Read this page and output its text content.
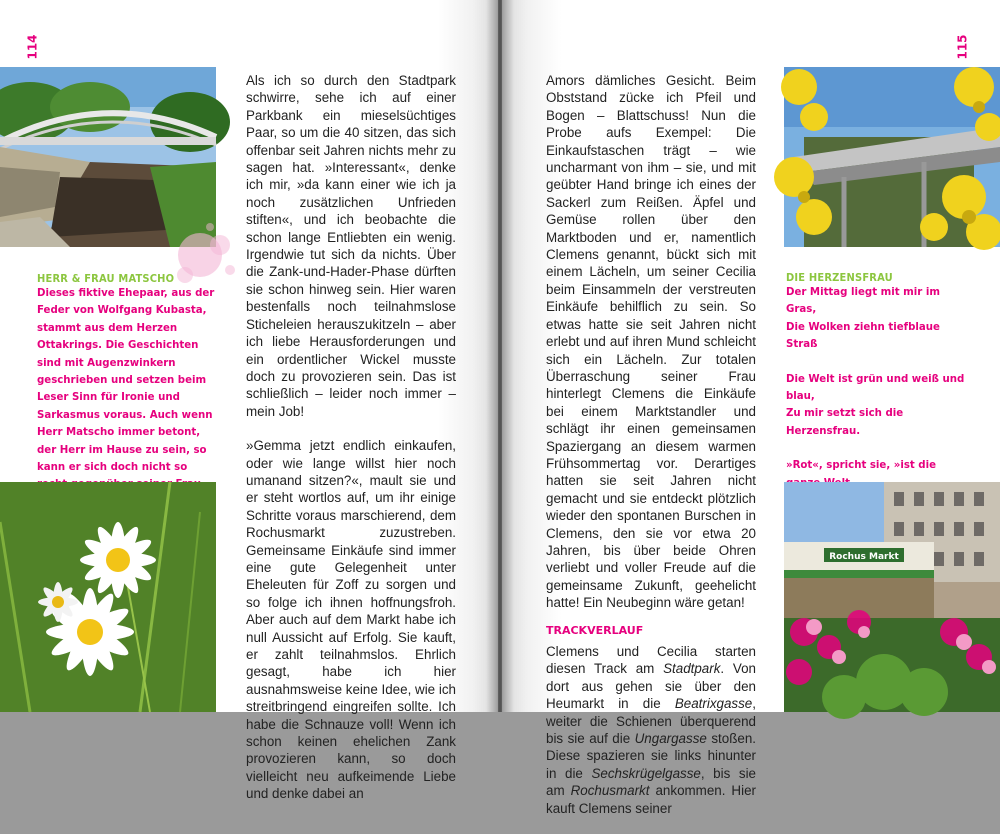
114
HERR & FRAU MATSCHO
Dieses fiktive Ehepaar, aus der Feder von Wolfgang Kubasta, stammt aus dem Herzen Ottakrings. Die Geschichten sind mit Augenzwinkern geschrieben und setzen beim Leser Sinn für Ironie und Sarkasmus voraus. Auch wenn Herr Matscho immer betont, der Herr im Hause zu sein, so kann er sich doch nicht so

Als ich so durch den Stadtpark schwirre, sehe ich auf einer Parkbank ein mieselsüchtiges Paar, so um die 40 sitzen, das sich offenbar seit Jahren nichts mehr zu sagen hat. »Interessant«, denke ich mir, »da kann einer wie ich ja noch zusätzlichen Unfrieden stiften«, und ich beobachte die schon lange Entliebten ein wenig. Irgendwie tut sich da nichts. Über die Zank-und-Hader-Phase dürften sie schon hinweg sein. Hier waren bestenfalls noch teilnahmslose Sticheleien herauszukitzeln – aber ich liebe Herausforderungen und ein ordentlicher Wickel musste doch zu provozieren sein. Das ist schließlich – leider noch immer – mein Job!

»Gemma jetzt endlich einkaufen, oder wie lange willst hier noch umanand sitzen?«, mault sie und er steht wortlos auf, um ihr einige Schritte voraus marschierend, dem Rochusmarkt zuzustreben. Gemeinsame Einkäufe sind immer eine gute Gelegenheit unter Eheleuten für Zoff zu sorgen und so folge ich ihnen hoffnungsfroh. Aber auch auf dem Markt habe ich null Aussicht auf Erfolg. Sie kauft, er zahlt teilnahmslos. Ehrlich gesagt, habe ich hier ausnahmsweise keine Idee, wie ich streitbringend eingreifen sollte. Ich habe die Schnauze voll! Wenn ich schon keinen ehelichen Zank provozieren kann, so doch vielleicht neu aufkeimende Liebe und denke dabei an

115

Amors dämliches Gesicht. Beim Obststand zücke ich Pfeil und Bogen – Blattschuss! Nun die Probe aufs Exempel: Die Einkaufstaschen trägt – wie uncharmant von ihm – sie, und mit geübter Hand bringe ich eines der Sackerl zum Reißen. Äpfel und Gemüse rollen über den Marktboden und er, namentlich Clemens genannt, bückt sich mit einem Lächeln, um seiner Cecilia beim Einsammeln der verstreuten Einkäufe behilflich zu sein. So etwas hatte sie seit Jahren nicht erlebt und auf ihren Mund schleicht sich ein Lächeln. Zur totalen Überraschung seiner Frau hinterlegt Clemens die Einkäufe bei einem Marktstandler und schlägt ihr einen gemeinsamen Spaziergang an diesem warmen Frühsommertag vor. Derartiges hatten sie seit Jahren nicht gemacht und sie entdeckt plötzlich wieder den spontanen Burschen in Clemens, den sie vor etwa 20 Jahren, bis über beide Ohren verliebt und voller Freude auf die gemeinsame Zukunft, geehelicht hatte! Ein Neubeginn wäre getan!

TRACKVERLAUF

Clemens und Cecilia starten diesen Track am Stadtpark. Von dort aus gehen sie über den Heumarkt in die Beatrixgasse, weiter die Schienen überquerend bis sie auf die Ungargasse stoßen. Diese spazieren sie links hinunter in die Sechskrügelgasse, bis sie am Rochusmarkt ankommen. Hier kauft Clemens seiner

DIE HERZENSFRAU
Der Mittag liegt mit mir im Gras,
Die Wolken ziehn tiefblaue Straß
Die Welt ist grün und weiß und blau,
Zu mir setzt sich die Herzensfrau.
»Rot«, spricht sie, »ist die
Rochus Markt
